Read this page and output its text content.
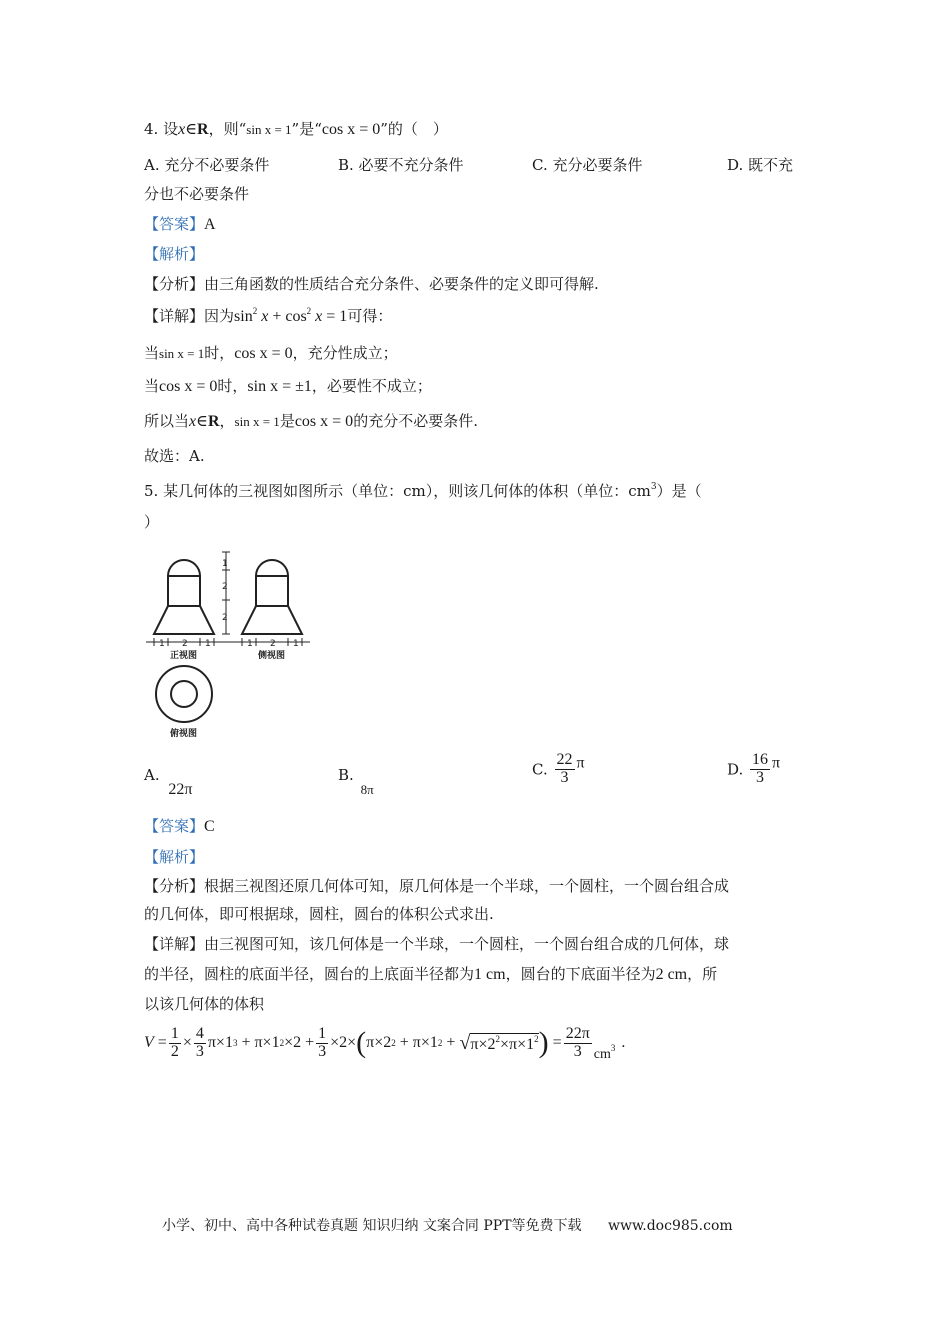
4. 设x∈R，则“sin x = 1”是“cos x = 0”的（　）
A. 充分不必要条件	B. 必要不充分条件	C. 充分必要条件	D. 既不充
分也不必要条件
【答案】A
【解析】
【分析】由三角函数的性质结合充分条件、必要条件的定义即可得解.
【详解】因为$\sin^2 x + \cos^2 x = 1$可得：
当sin x = 1时，cos x = 0，充分性成立；
当cos x = 0时，sin x = ±1，必要性不成立；
所以当x∈R，sin x = 1是cos x = 0的充分不必要条件.
故选：A.
5. 某几何体的三视图如图所示（单位：cm），则该几何体的体积（单位：$cm^3$）是（
）
1
2
2
1 2 1	1 2 1
正视图	侧视图
俯视图
A. 22π
B. 8π
C. $\frac{22}{3}$ π	D. $\frac{16}{3}$ π
【答案】C
【解析】
【分析】根据三视图还原几何体可知，原几何体是一个半球，一个圆柱，一个圆台组合成
的几何体，即可根据球，圆柱，圆台的体积公式求出.
【详解】由三视图可知，该几何体是一个半球，一个圆柱，一个圆台组合成的几何体，球
的半径，圆柱的底面半径，圆台的上底面半径都为1 cm，圆台的下底面半径为2 cm，所
以该几何体的体积
$V = \frac{1}{2} \times \frac{4}{3} \pi\times 1$ 3 + π×1 $2 \times 2 + \frac{1}{3} \times 2\times$ ( π×2 2 + π×1 2 + √ $\pi\times 2^2\times\pi\times 1^2$ ) = $\frac{22\pi}{3} cm^3$ .
小学、初中、高中各种试卷真题 知识归纳 文案合同 PPT等免费下载 www.doc985.com
